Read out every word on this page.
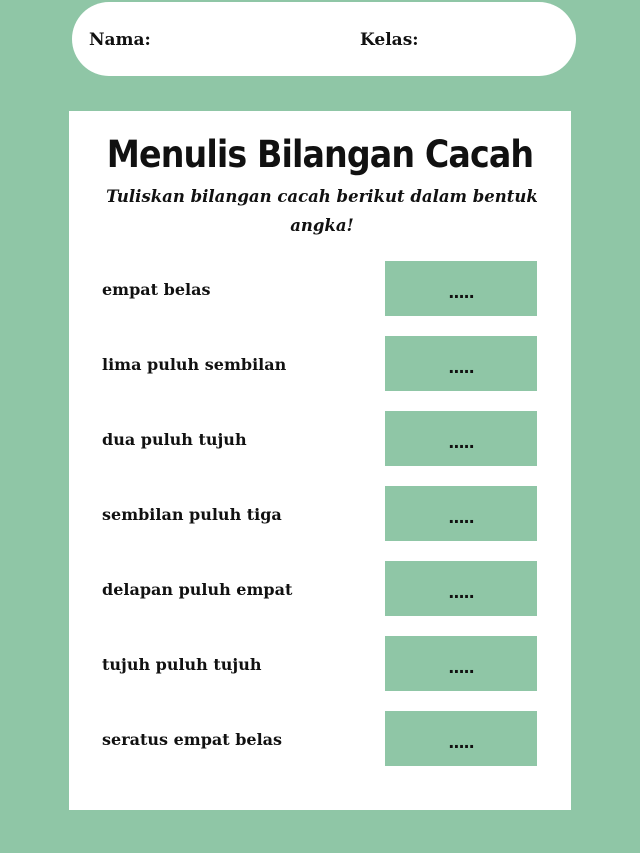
Nama:	Kelas:
Menulis Bilangan Cacah
Tuliskan bilangan cacah berikut dalam bentuk angka!
empat belas	.....
lima puluh sembilan	.....
dua puluh tujuh	.....
sembilan puluh tiga	.....
delapan puluh empat	.....
tujuh puluh tujuh	.....
seratus empat belas	.....
